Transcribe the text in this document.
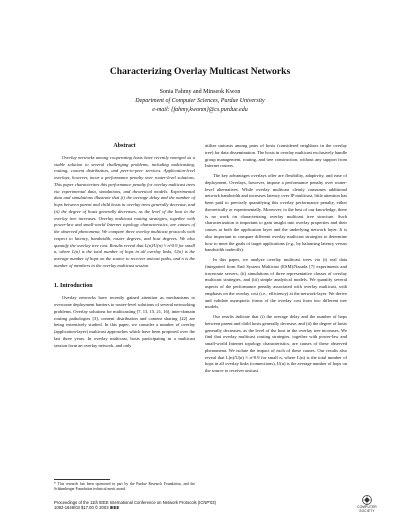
Characterizing Overlay Multicast Networks
Sonia Fahmy and Minseok Kwon
Department of Computer Sciences, Purdue University
e-mail: {fahmy,kwonm}@cs.purdue.edu
Abstract

Overlay networks among cooperating hosts have recently emerged as a viable solution to several challenging problems, including multicasting, routing, content distribution, and peer-to-peer services. Application-level overlays, however, incur a performance penalty over router-level solutions. This paper characterizes this performance penalty for overlay multicast trees via experimental data, simulations, and theoretical models. Experimental data and simulations illustrate that (i) the average delay and the number of hops between parent and child hosts in overlay trees generally decrease, and (ii) the degree of hosts generally decreases, as the level of the host in the overlay tree increases. Overlay multicast routing strategies, together with power-law and small-world Internet topology characteristics, are causes of the observed phenomena. We compare three overlay multicast protocols with respect to latency, bandwidth, router degrees, and host degrees. We also quantify the overlay tree cost. Results reveal that L(n)/U(n) ≈ n^0.9 for small n, where L(n) is the total number of hops in all overlay links, U(n) is the average number of hops on the source to receiver unicast paths, and n is the number of members in the overlay multicast session.

1. Introduction

Overlay networks have recently gained attention as mechanisms to overcome deployment barriers to router-level solutions of several networking problems. Overlay solutions for multicasting [7, 13, 15, 21, 16], inter-domain routing pathologies [3], content distribution and content sharing [22] are being extensively studied. In this paper, we consider a number of overlay (application-layer) multicast approaches which have been proposed over the last three years. In overlay multicast, hosts participating in a multicast session form an overlay network, and only

utilize unicasts among pairs of hosts (considered neighbors in the overlay tree) for data dissemination. The hosts in overlay multicast exclusively handle group management, routing, and tree construction, without any support from Internet routers.

The key advantages overlays offer are flexibility, adaptivity, and ease of deployment. Overlays, however, impose a performance penalty over router-level alternatives. While overlay multicast clearly consumes additional network bandwidth and increases latency over IP multicast, little attention has been paid to precisely quantifying this overlay performance penalty, either theoretically or experimentally. Moreover, to the best of our knowledge, there is no work on characterizing overlay multicast tree structure. Such characterization is important to gain insight into overlay properties and their causes at both the application layer and the underlying network layer. It is also important to compare different overlay multicast strategies to determine how to meet the goals of target applications (e.g., by balancing latency versus bandwidth tradeoffs).

In this paper, we analyze overlay multicast trees via (i) real data (integrated from End System Multicast (ESM)/Narada [7] experiments and traceroute servers, (ii) simulations of three representative classes of overlay multicast strategies, and (iii) simple analytical models. We quantify several aspects of the performance penalty associated with overlay multicast, with emphasis on the overlay cost (i.e., efficiency) at the network-layer. We derive and validate asymptotic forms of the overlay cost from two different tree models.

Our results indicate that (i) the average delay and the number of hops between parent and child hosts generally decrease, and (ii) the degree of hosts generally decreases, as the level of the host in the overlay tree increases. We find that overlay multicast routing strategies, together with power-law and small-world Internet topology characteristics, are causes of these observed phenomena. We isolate the impact of each of these causes. Our results also reveal that L(n)/U(n) ≈ n^0.9 for small n, where L(n) is the total number of hops in all overlay links (connections), U(n) is the average number of hops on the source to receiver unicast

* This research has been sponsored in part by the Purdue Research Foundation, and the Schlumberger Foundation technical merit award.
Proceedings of the 11th IEEE International Conference on Network Protocols (ICNP'03)
1092-1648/03 $17.00 © 2003 IEEE	COMPUTER
SOCIETY
